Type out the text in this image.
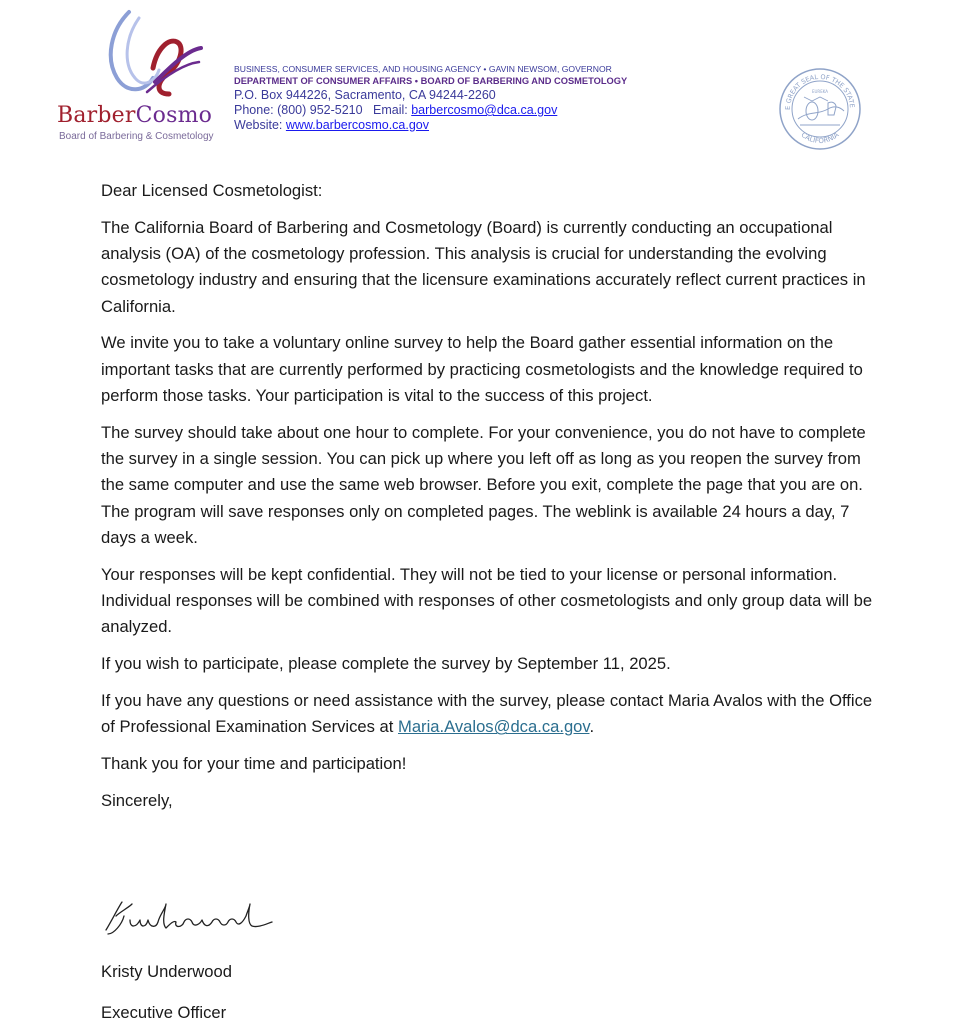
BarberCosmo
Board of Barbering & Cosmetology
BUSINESS, CONSUMER SERVICES, AND HOUSING AGENCY • GAVIN NEWSOM, GOVERNOR
DEPARTMENT OF CONSUMER AFFAIRS • BOARD OF BARBERING AND COSMETOLOGY
P.O. Box 944226, Sacramento, CA 94244-2260
Phone: (800) 952-5210 Email: barbercosmo@dca.ca.gov
Website: www.barbercosmo.ca.gov
E GREAT SEAL OF THE STATE
CALIFORNIA
EUREKA

Dear Licensed Cosmetologist:

The California Board of Barbering and Cosmetology (Board) is currently conducting an occupational analysis (OA) of the cosmetology profession. This analysis is crucial for understanding the evolving cosmetology industry and ensuring that the licensure examinations accurately reflect current practices in California.

We invite you to take a voluntary online survey to help the Board gather essential information on the important tasks that are currently performed by practicing cosmetologists and the knowledge required to perform those tasks. Your participation is vital to the success of this project.

The survey should take about one hour to complete. For your convenience, you do not have to complete the survey in a single session. You can pick up where you left off as long as you reopen the survey from the same computer and use the same web browser. Before you exit, complete the page that you are on. The program will save responses only on completed pages. The weblink is available 24 hours a day, 7 days a week.

Your responses will be kept confidential. They will not be tied to your license or personal information. Individual responses will be combined with responses of other cosmetologists and only group data will be analyzed.

If you wish to participate, please complete the survey by September 11, 2025.

If you have any questions or need assistance with the survey, please contact Maria Avalos with the Office of Professional Examination Services at Maria.Avalos@dca.ca.gov.

Thank you for your time and participation!

Sincerely,

Kristy Underwood
Executive Officer
